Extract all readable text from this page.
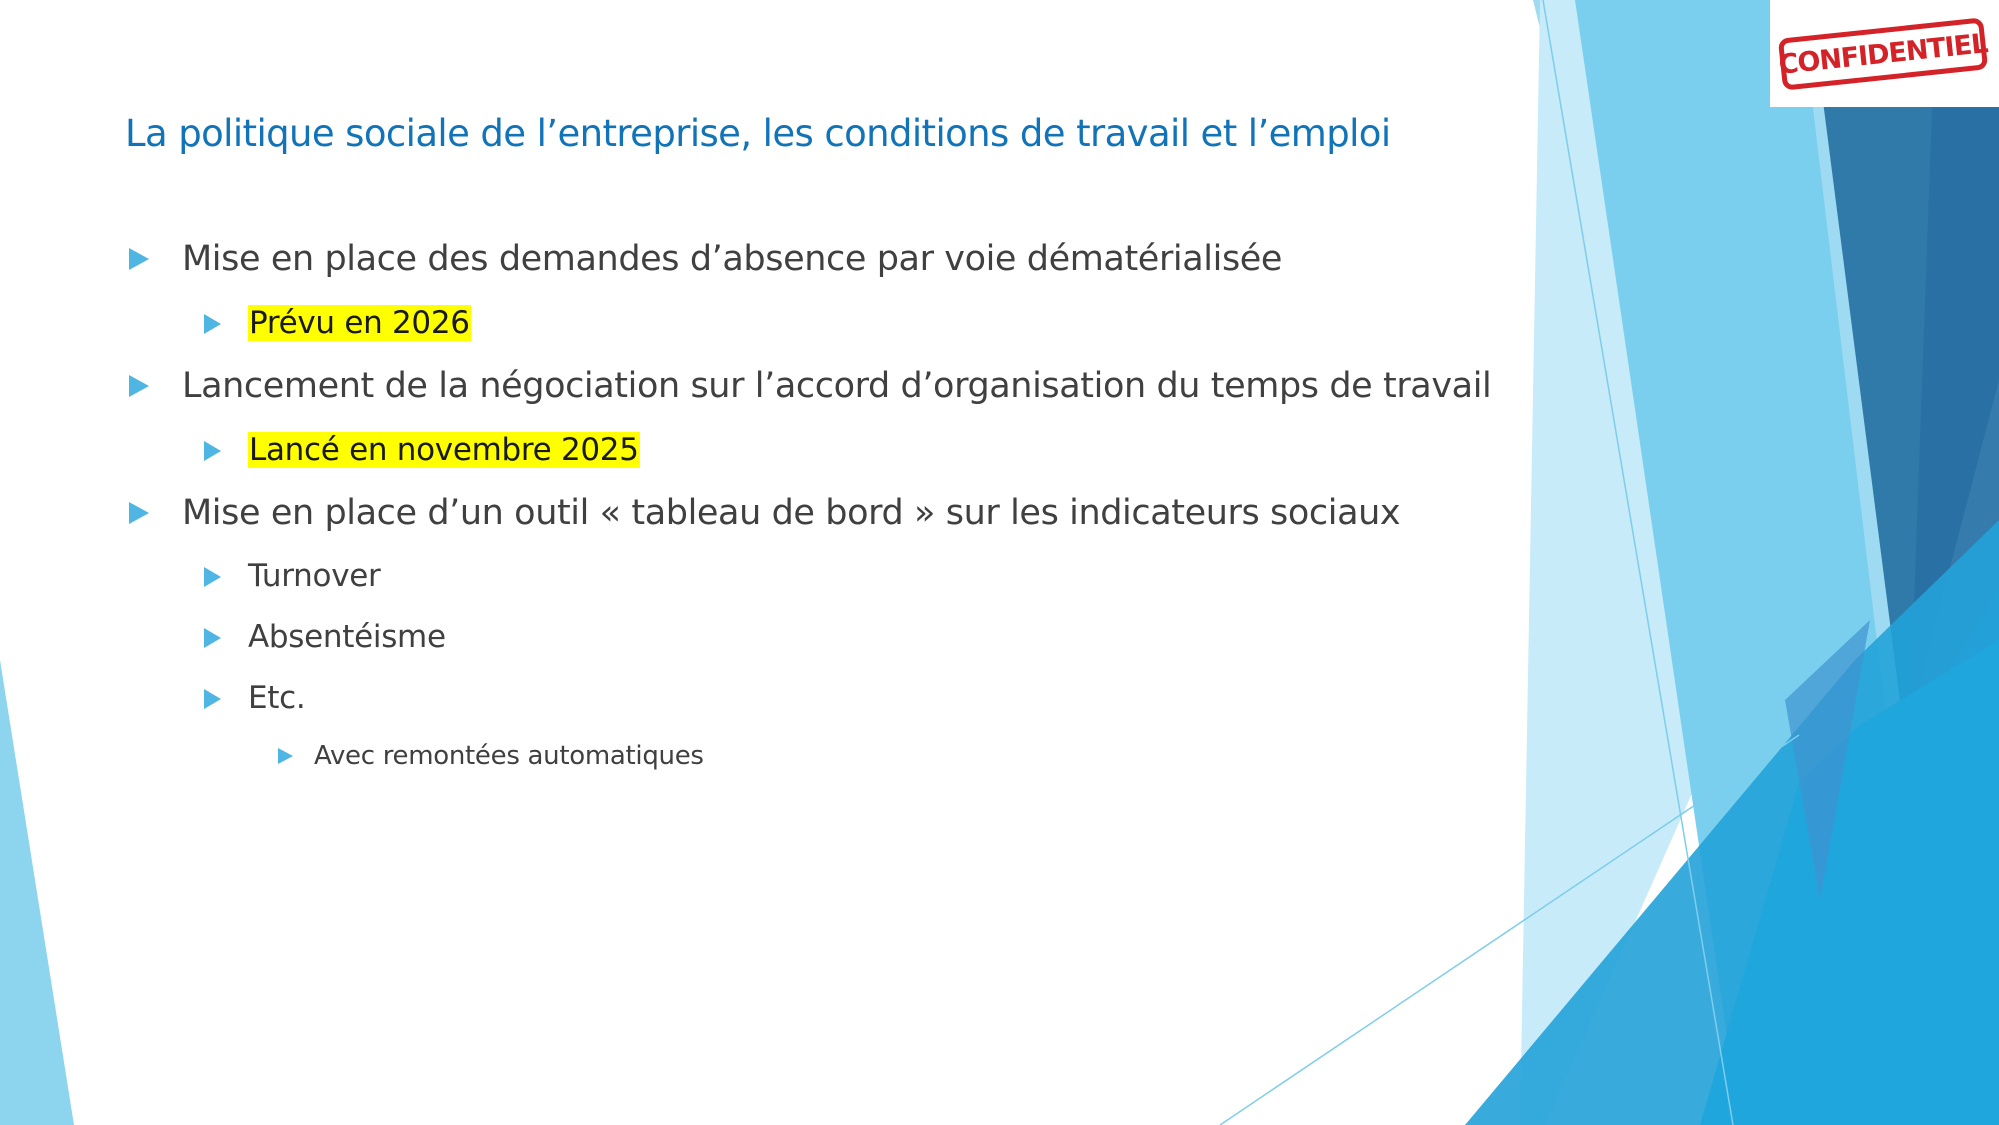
CONFIDENTIEL
La politique sociale de l’entreprise, les conditions de travail et l’emploi
Mise en place des demandes d’absence par voie dématérialisée
Prévu en 2026
Lancement de la négociation sur l’accord d’organisation du temps de travail
Lancé en novembre 2025
Mise en place d’un outil « tableau de bord » sur les indicateurs sociaux
Turnover
Absentéisme
Etc.
Avec remontées automatiques
